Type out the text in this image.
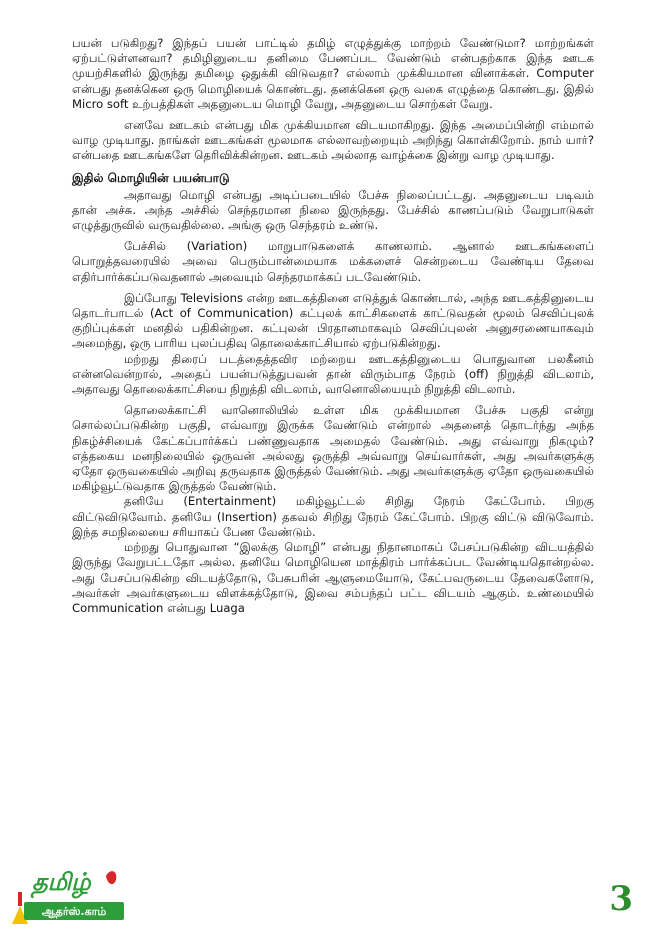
பயன் படுகிறது? இந்தப் பயன் பாட்டில் தமிழ் எழுத்துக்கு மாற்றம் வேண்டுமா? மாற்றங்கள் ஏற்பட்டுள்ளனவா? தமிழினுடைய தனிமை பேணப்பட வேண்டும் என்பதற்காக இந்த ஊடக முயற்சிகளில் இருந்து தமிழை ஒதுக்கி விடுவதா? எல்லாம் முக்கியமான வினாக்கள். Computer என்பது தனக்கென ஒரு மொழியைக் கொண்டது. தனக்கென ஒரு வகை எழுத்தை கொண்டது. இதில் Micro soft உற்பத்திகள் அதனுடைய மொழி வேறு, அதனுடைய சொற்கள் வேறு.

எனவே ஊடகம் என்பது மிக முக்கியமான விடயமாகிறது. இந்த அமைப்பின்றி எம்மால் வாழ முடியாது. நாங்கள் ஊடகங்கள் மூலமாக எல்லாவற்றையும் அறிந்து கொள்கிறோம். நாம் யார்? என்பதை ஊடகங்களே தெரிவிக்கின்றன. ஊடகம் அல்லாத வாழ்க்கை இன்று வாழ முடியாது.

இதில் மொழியின் பயன்பாடு

அதாவது மொழி என்பது அடிப்படையில் பேச்சு நிலைப்பட்டது. அதனுடைய படிவம் தான் அச்சு. அந்த அச்சில் செந்தரமான நிலை இருந்தது. பேச்சில் காணப்படும் வேறுபாடுகள் எழுத்துருவில் வருவதில்லை. அங்கு ஒரு செந்தரம் உண்டு.

பேச்சில் (Variation) மாறுபாடுகளைக் காணலாம். ஆனால் ஊடகங்களைப் பொறுத்தவரையில் அவை பெரும்பான்மையாக மக்களைச் சென்றடைய வேண்டிய தேவை எதிர்பார்க்கப்படுவதனால் அவையும் செந்தரமாக்கப் படவேண்டும்.

இப்போது Televisions என்ற ஊடகத்தினை எடுத்துக் கொண்டால், அந்த ஊடகத்தினுடைய தொடர்பாடல் (Act of Communication) கட்புலக் காட்சிகளைக் காட்டுவதன் மூலம் செவிப்புலக் குறிப்புக்கள் மனதில் பதிகின்றன. கட்புலன் பிரதானமாகவும் செவிப்புலன் அனுசரணையாகவும் அமைந்து, ஒரு பாரிய புலப்பதிவு தொலைக்காட்சியால் ஏற்படுகின்றது.

மற்றது திரைப் படத்தைத்தவிர மற்றைய ஊடகத்தினுடைய பொதுவான பலகீனம் என்னவென்றால், அதைப் பயன்படுத்துபவன் தான் விரும்பாத நேரம் (off) நிறுத்தி விடலாம், அதாவது தொலைக்காட்சியை நிறுத்தி விடலாம், வானொலியையும் நிறுத்தி விடலாம்.

தொலைக்காட்சி வானொலியில் உள்ள மிக முக்கியமான பேச்சு பகுதி என்று சொல்லப்படுகின்ற பகுதி, எவ்வாறு இருக்க வேண்டும் என்றால் அதனைத் தொடர்ந்து அந்த நிகழ்ச்சியைக் கேட்கப்பார்க்கப் பண்ணுவதாக அமைதல் வேண்டும். அது எவ்வாறு நிகழும்? எத்தகைய மனநிலையில் ஒருவன் அல்லது ஒருத்தி அவ்வாறு செய்வார்கள், அது அவர்களுக்கு ஏதோ ஒருவகையில் அறிவு தருவதாக இருத்தல் வேண்டும். அது அவர்களுக்கு ஏதோ ஒருவகையில் மகிழ்வூட்டுவதாக இருத்தல் வேண்டும்.

தனியே (Entertainment) மகிழ்வூட்டல் சிறிது நேரம் கேட்போம். பிறகு விட்டுவிடுவோம். தனியே (Insertion) தகவல் சிறிது நேரம் கேட்போம். பிறகு விட்டு விடுவோம். இந்த சமநிலையை சரியாகப் பேண வேண்டும்.

மற்றது பொதுவான “இலக்கு மொழி” என்பது நிதானமாகப் பேசப்படுகின்ற விடயத்தில் இருந்து வேறுபட்டதோ அல்ல. தனியே மொழியென மாத்திரம் பார்க்கப்பட வேண்டியதொன்றல்ல. அது பேசப்படுகின்ற விடயத்தோடு, பேசுபரின் ஆளுமையோடு, கேட்பவருடைய தேவைகளோடு, அவர்கள் அவர்களுடைய விளக்கத்தோடு, இவை சம்பந்தப் பட்ட விடயம் ஆகும். உண்மையில் Communication என்பது Luaga

தமிழ்
ஆதர்ஸ்.காம்	3
